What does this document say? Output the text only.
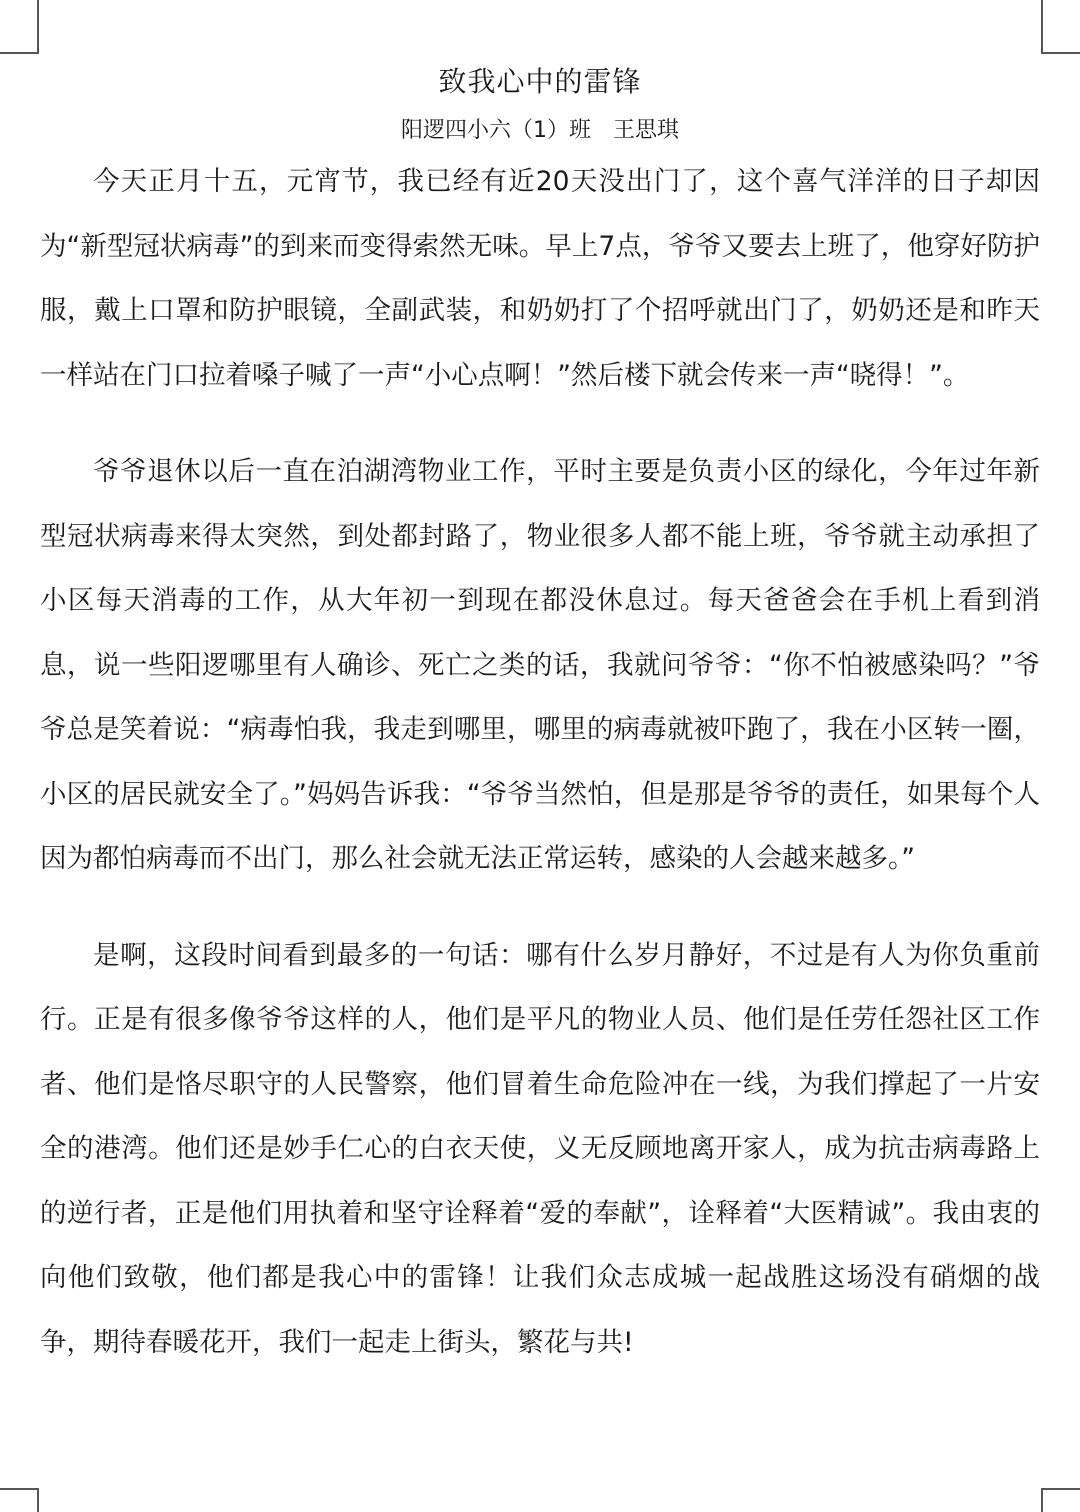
致我心中的雷锋
阳逻四小六（1）班　王思琪

今天正月十五，元宵节，我已经有近20天没出门了，这个喜气洋洋的日子却因为“新型冠状病毒”的到来而变得索然无味。早上7点，爷爷又要去上班了，他穿好防护服，戴上口罩和防护眼镜，全副武装，和奶奶打了个招呼就出门了，奶奶还是和昨天一样站在门口拉着嗓子喊了一声“小心点啊！”然后楼下就会传来一声“晓得！”。

爷爷退休以后一直在泊湖湾物业工作，平时主要是负责小区的绿化，今年过年新型冠状病毒来得太突然，到处都封路了，物业很多人都不能上班，爷爷就主动承担了小区每天消毒的工作，从大年初一到现在都没休息过。每天爸爸会在手机上看到消息，说一些阳逻哪里有人确诊、死亡之类的话，我就问爷爷：“你不怕被感染吗？”爷爷总是笑着说：“病毒怕我，我走到哪里，哪里的病毒就被吓跑了，我在小区转一圈，小区的居民就安全了。”妈妈告诉我：“爷爷当然怕，但是那是爷爷的责任，如果每个人因为都怕病毒而不出门，那么社会就无法正常运转，感染的人会越来越多。”

是啊，这段时间看到最多的一句话：哪有什么岁月静好，不过是有人为你负重前行。正是有很多像爷爷这样的人，他们是平凡的物业人员、他们是任劳任怨社区工作者、他们是恪尽职守的人民警察，他们冒着生命危险冲在一线，为我们撑起了一片安全的港湾。他们还是妙手仁心的白衣天使，义无反顾地离开家人，成为抗击病毒路上的逆行者，正是他们用执着和坚守诠释着“爱的奉献”，诠释着“大医精诚”。我由衷的向他们致敬，他们都是我心中的雷锋！让我们众志成城一起战胜这场没有硝烟的战争，期待春暖花开，我们一起走上街头，繁花与共!
